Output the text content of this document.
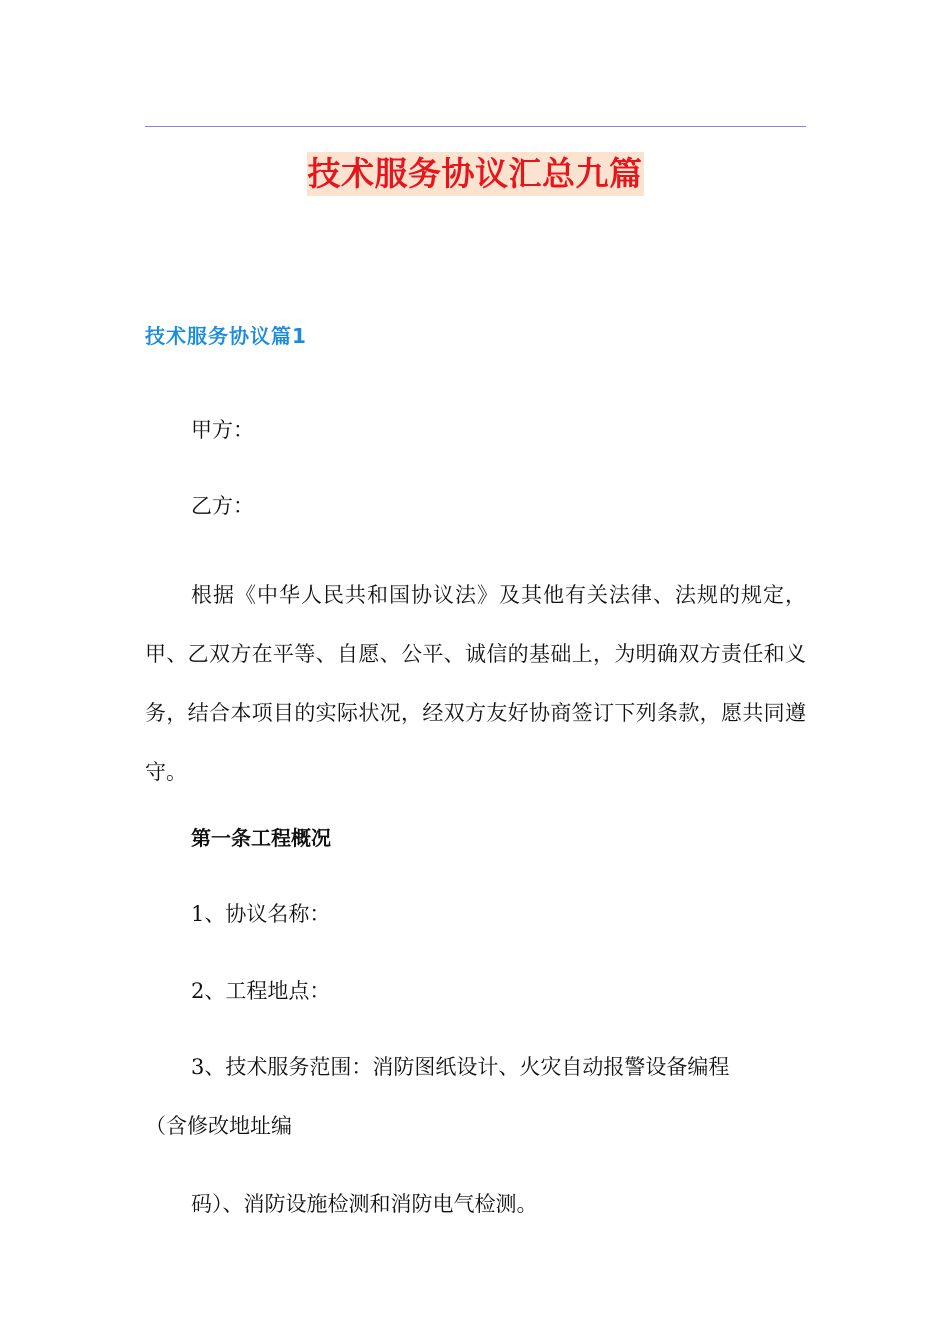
技术服务协议汇总九篇
技术服务协议篇1

甲方：

乙方：

根据《中华人民共和国协议法》及其他有关法律、法规的规定，甲、乙双方在平等、自愿、公平、诚信的基础上，为明确双方责任和义务，结合本项目的实际状况，经双方友好协商签订下列条款，愿共同遵守。

第一条工程概况

1、协议名称：

2、工程地点：

3、技术服务范围：消防图纸设计、火灾自动报警设备编程

（含修改地址编

码）、消防设施检测和消防电气检测。
